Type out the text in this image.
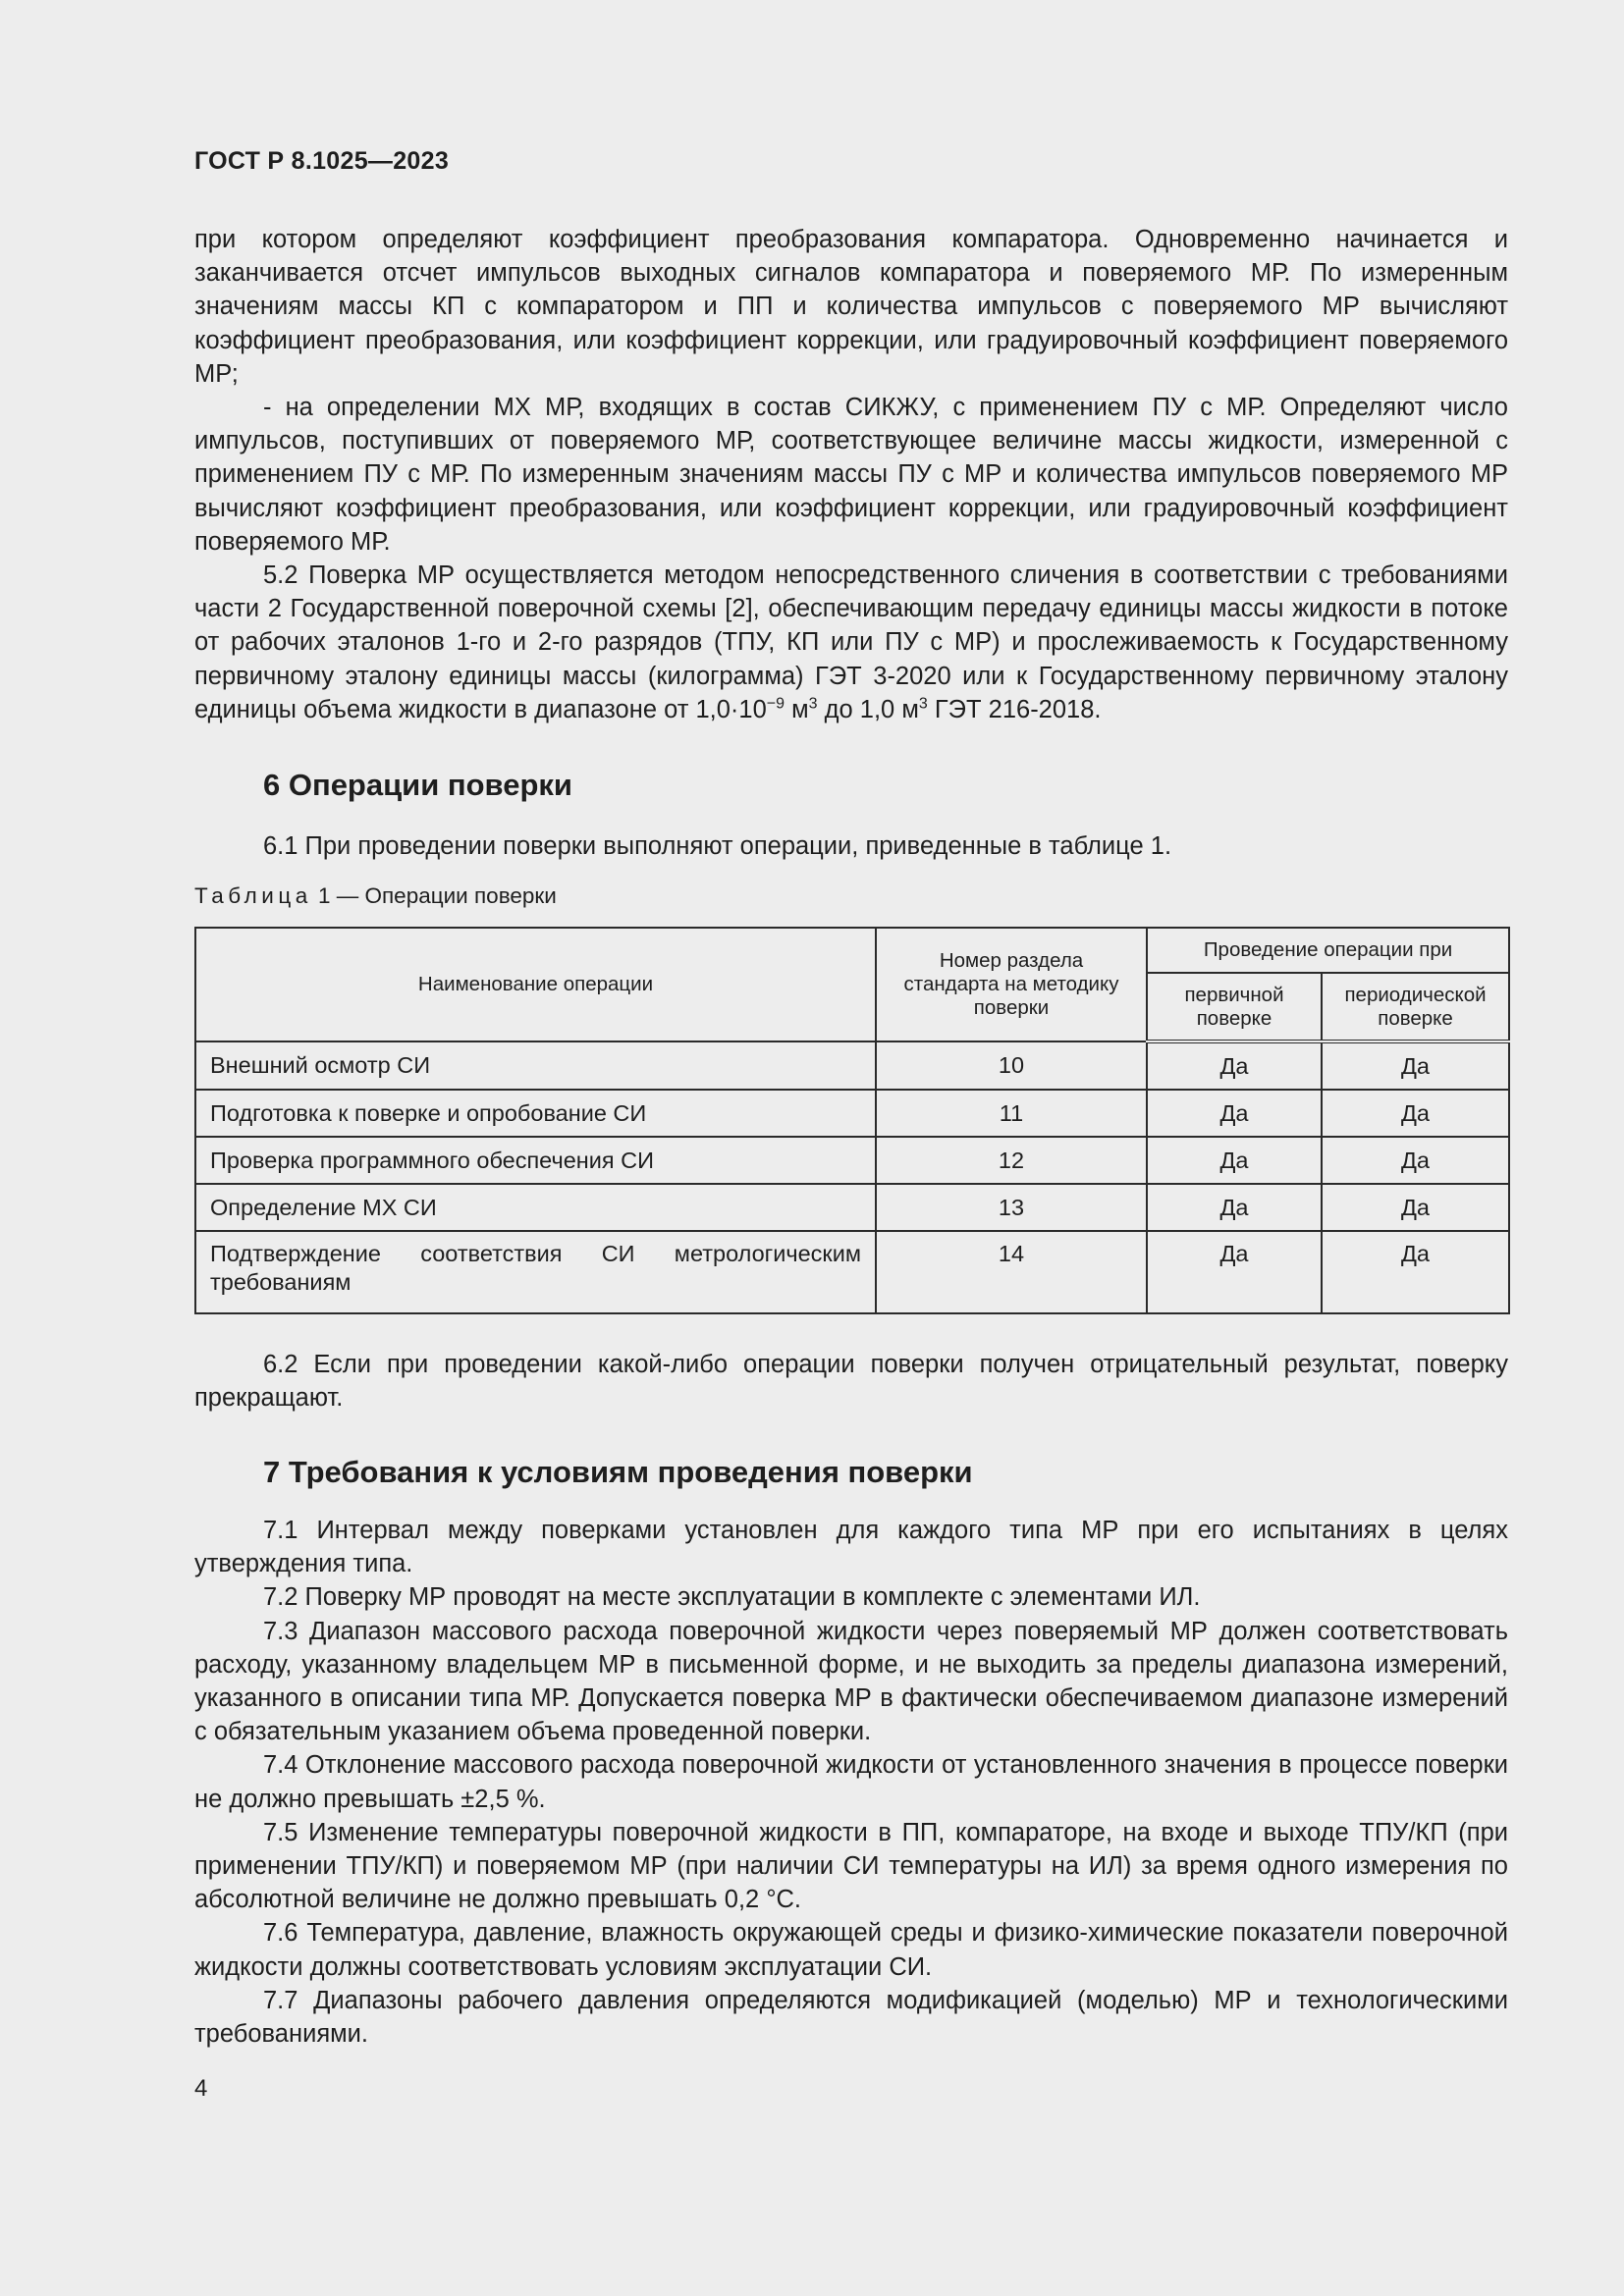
ГОСТ Р 8.1025—2023

при котором определяют коэффициент преобразования компаратора. Одновременно начинается и заканчивается отсчет импульсов выходных сигналов компаратора и поверяемого МР. По измеренным значениям массы КП с компаратором и ПП и количества импульсов с поверяемого МР вычисляют коэффициент преобразования, или коэффициент коррекции, или градуировочный коэффициент поверяемого МР;

- на определении МХ МР, входящих в состав СИКЖУ, с применением ПУ с МР. Определяют число импульсов, поступивших от поверяемого МР, соответствующее величине массы жидкости, измеренной с применением ПУ с МР. По измеренным значениям массы ПУ с МР и количества импульсов поверяемого МР вычисляют коэффициент преобразования, или коэффициент коррекции, или градуировочный коэффициент поверяемого МР.

5.2 Поверка МР осуществляется методом непосредственного сличения в соответствии с требованиями части 2 Государственной поверочной схемы [2], обеспечивающим передачу единицы массы жидкости в потоке от рабочих эталонов 1-го и 2-го разрядов (ТПУ, КП или ПУ с МР) и прослеживаемость к Государственному первичному эталону единицы массы (килограмма) ГЭТ 3-2020 или к Государственному первичному эталону единицы объема жидкости в диапазоне от $1,0\cdot 10^{-9}$ $м^3$ до 1,0 $м^3$ ГЭТ 216-2018.

6 Операции поверки
6.1 При проведении поверки выполняют операции, приведенные в таблице 1.
Таблица 1 — Операции поверки
Наименование операции	Номер раздела стандарта на методику поверки	Проведение операции при	
		первичной поверке	периодической поверке
Внешний осмотр СИ	10	Да	Да
Подготовка к поверке и опробование СИ	11	Да	Да
Проверка программного обеспечения СИ	12	Да	Да
Определение МХ СИ	13	Да	Да
Подтверждение соответствия СИ метрологическим требованиям	14	Да	Да

6.2 Если при проведении какой-либо операции поверки получен отрицательный результат, поверку прекращают.

7 Требования к условиям проведения поверки

7.1 Интервал между поверками установлен для каждого типа МР при его испытаниях в целях утверждения типа.

7.2 Поверку МР проводят на месте эксплуатации в комплекте с элементами ИЛ.

7.3 Диапазон массового расхода поверочной жидкости через поверяемый МР должен соответствовать расходу, указанному владельцем МР в письменной форме, и не выходить за пределы диапазона измерений, указанного в описании типа МР. Допускается поверка МР в фактически обеспечиваемом диапазоне измерений с обязательным указанием объема проведенной поверки.

7.4 Отклонение массового расхода поверочной жидкости от установленного значения в процессе поверки не должно превышать ±2,5 %.

7.5 Изменение температуры поверочной жидкости в ПП, компараторе, на входе и выходе ТПУ/КП (при применении ТПУ/КП) и поверяемом МР (при наличии СИ температуры на ИЛ) за время одного измерения по абсолютной величине не должно превышать 0,2 °С.

7.6 Температура, давление, влажность окружающей среды и физико-химические показатели поверочной жидкости должны соответствовать условиям эксплуатации СИ.

7.7 Диапазоны рабочего давления определяются модификацией (моделью) МР и технологическими требованиями.

4
